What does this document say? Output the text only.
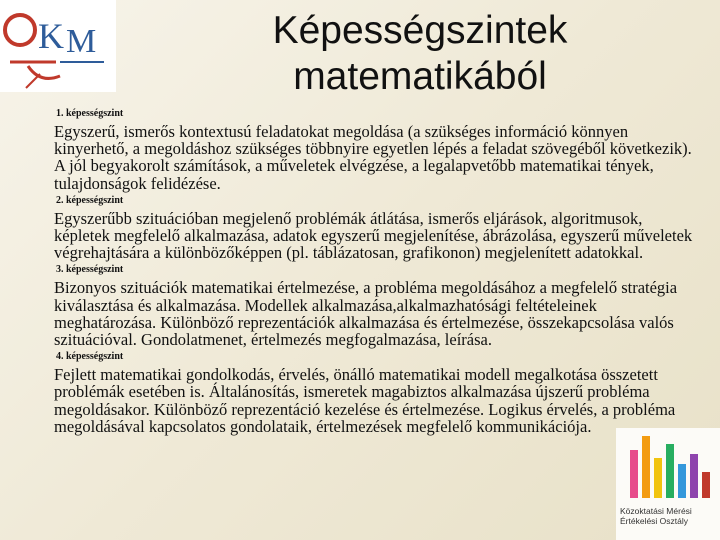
K M	Képességszintek
matematikából
1. képességszint
Egyszerű, ismerős kontextusú feladatokat megoldása (a szükséges információ könnyen kinyerhető, a megoldáshoz szükséges többnyire egyetlen lépés a feladat szövegéből következik). A jól begyakorolt számítások, a műveletek elvégzése, a legalapvetőbb matematikai tények, tulajdonságok felidézése.
2. képességszint
Egyszerűbb szituációban megjelenő problémák átlátása, ismerős eljárások, algoritmusok, képletek megfelelő alkalmazása, adatok egyszerű megjelenítése, ábrázolása, egyszerű műveletek végrehajtására a különbözőképpen (pl. táblázatosan, grafikonon) megjelenített adatokkal.
3. képességszint
Bizonyos szituációk matematikai értelmezése, a probléma megoldásához a megfelelő stratégia kiválasztása és alkalmazása. Modellek alkalmazása,alkalmazhatósági feltételeinek meghatározása. Különböző reprezentációk alkalmazása és értelmezése, összekapcsolása valós szituációval. Gondolatmenet, értelmezés megfogalmazása, leírása.
4. képességszint
Fejlett matematikai gondolkodás, érvelés, önálló matematikai modell megalkotása összetett problémák esetében is. Általánosítás, ismeretek magabiztos alkalmazása újszerű probléma megoldásakor. Különböző reprezentáció kezelése és értelmezése. Logikus érvelés, a probléma megoldásával kapcsolatos gondolataik, értelmezések megfelelő kommunikációja.
Közoktatási Mérési
Értékelési Osztály
